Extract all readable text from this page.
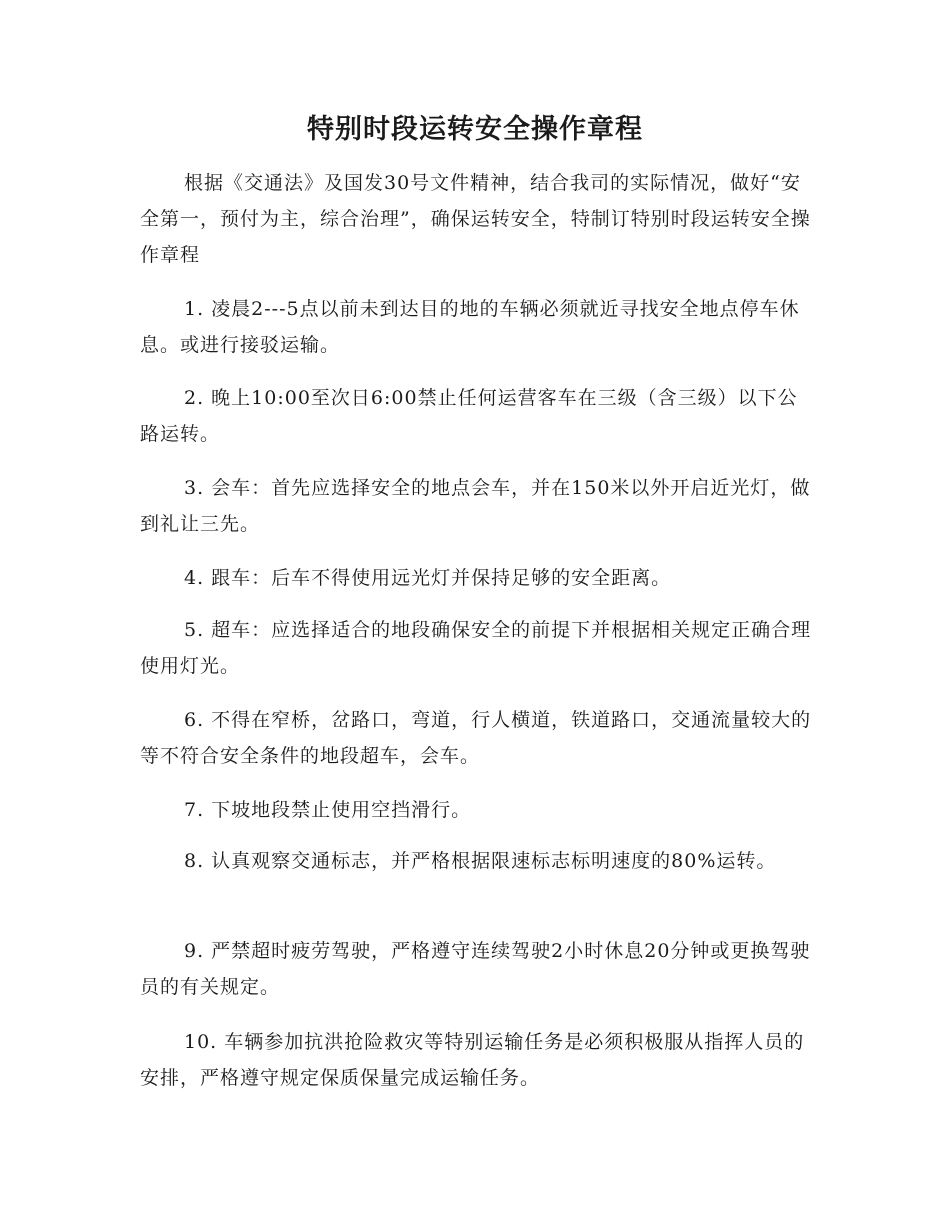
特别时段运转安全操作章程

根据《交通法》及国发30号文件精神，结合我司的实际情况，做好“安全第一，预付为主，综合治理”，确保运转安全，特制订特别时段运转安全操作章程

1. 凌晨2---5点以前未到达目的地的车辆必须就近寻找安全地点停车休息。或进行接驳运输。

2. 晚上10:00至次日6:00禁止任何运营客车在三级（含三级）以下公路运转。

3. 会车：首先应选择安全的地点会车，并在150米以外开启近光灯，做到礼让三先。

4. 跟车：后车不得使用远光灯并保持足够的安全距离。

5. 超车：应选择适合的地段确保安全的前提下并根据相关规定正确合理使用灯光。

6. 不得在窄桥，岔路口，弯道，行人横道，铁道路口，交通流量较大的等不符合安全条件的地段超车，会车。

7. 下坡地段禁止使用空挡滑行。

8. 认真观察交通标志，并严格根据限速标志标明速度的80%运转。

9. 严禁超时疲劳驾驶，严格遵守连续驾驶2小时休息20分钟或更换驾驶员的有关规定。

10. 车辆参加抗洪抢险救灾等特别运输任务是必须积极服从指挥人员的安排，严格遵守规定保质保量完成运输任务。
